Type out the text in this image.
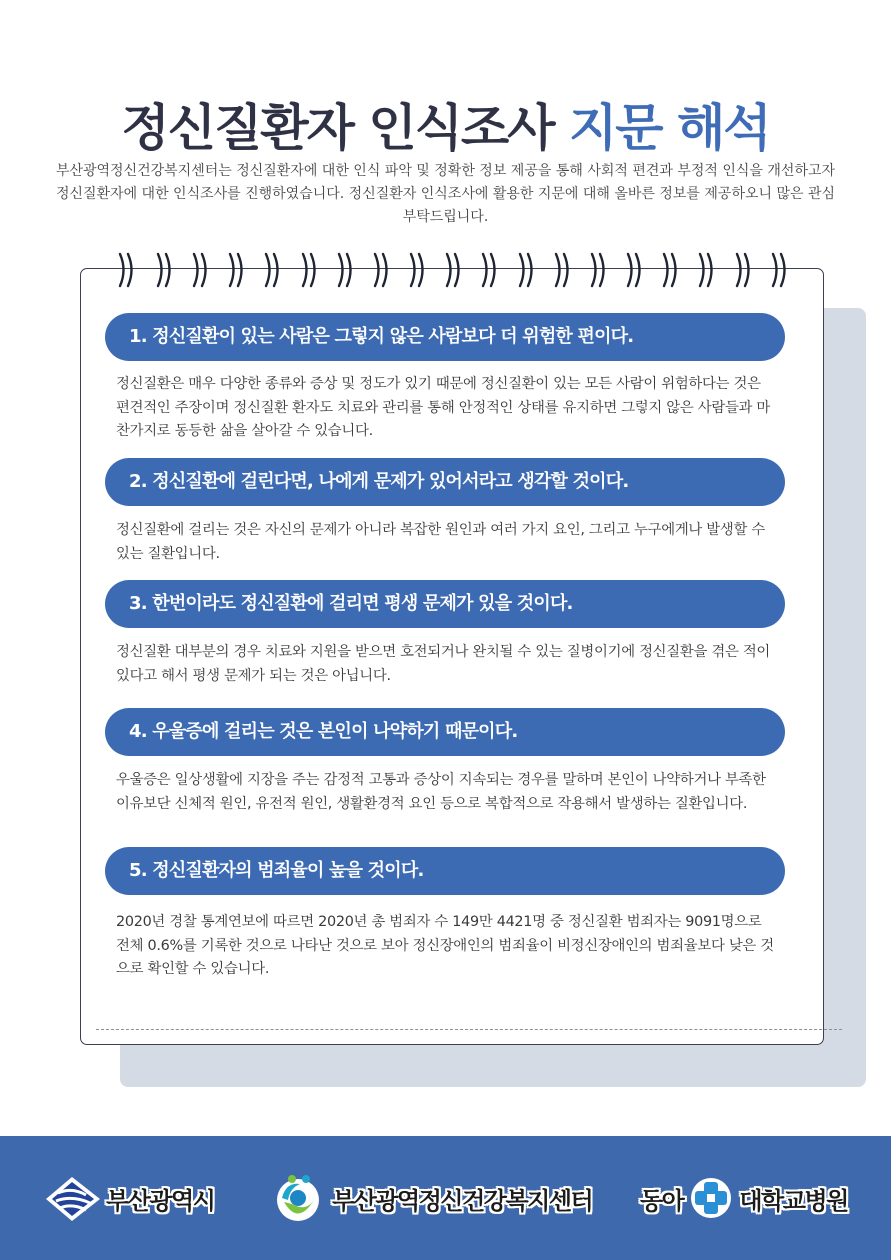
정신질환자 인식조사 지문 해석
부산광역정신건강복지센터는 정신질환자에 대한 인식 파악 및 정확한 정보 제공을 통해 사회적 편견과 부정적 인식을 개선하고자 정신질환자에 대한 인식조사를 진행하였습니다. 정신질환자 인식조사에 활용한 지문에 대해 올바른 정보를 제공하오니 많은 관심 부탁드립니다.
1. 정신질환이 있는 사람은 그렇지 않은 사람보다 더 위험한 편이다.
정신질환은 매우 다양한 종류와 증상 및 정도가 있기 때문에 정신질환이 있는 모든 사람이 위험하다는 것은 편견적인 주장이며 정신질환 환자도 치료와 관리를 통해 안정적인 상태를 유지하면 그렇지 않은 사람들과 마찬가지로 동등한 삶을 살아갈 수 있습니다.
2. 정신질환에 걸린다면, 나에게 문제가 있어서라고 생각할 것이다.
정신질환에 걸리는 것은 자신의 문제가 아니라 복잡한 원인과 여러 가지 요인, 그리고 누구에게나 발생할 수 있는 질환입니다.
3. 한번이라도 정신질환에 걸리면 평생 문제가 있을 것이다.
정신질환 대부분의 경우 치료와 지원을 받으면 호전되거나 완치될 수 있는 질병이기에 정신질환을 겪은 적이 있다고 해서 평생 문제가 되는 것은 아닙니다.
4. 우울증에 걸리는 것은 본인이 나약하기 때문이다.
우울증은 일상생활에 지장을 주는 감정적 고통과 증상이 지속되는 경우를 말하며 본인이 나약하거나 부족한 이유보단 신체적 원인, 유전적 원인, 생활환경적 요인 등으로 복합적으로 작용해서 발생하는 질환입니다.
5. 정신질환자의 범죄율이 높을 것이다.
2020년 경찰 통계연보에 따르면 2020년 총 범죄자 수 149만 4421명 중 정신질환 범죄자는 9091명으로 전체 0.6%를 기록한 것으로 나타난 것으로 보아 정신장애인의 범죄율이 비정신장애인의 범죄율보다 낮은 것으로 확인할 수 있습니다.
부산광역시	부산광역정신건강복지센터 동아 대학교병원
